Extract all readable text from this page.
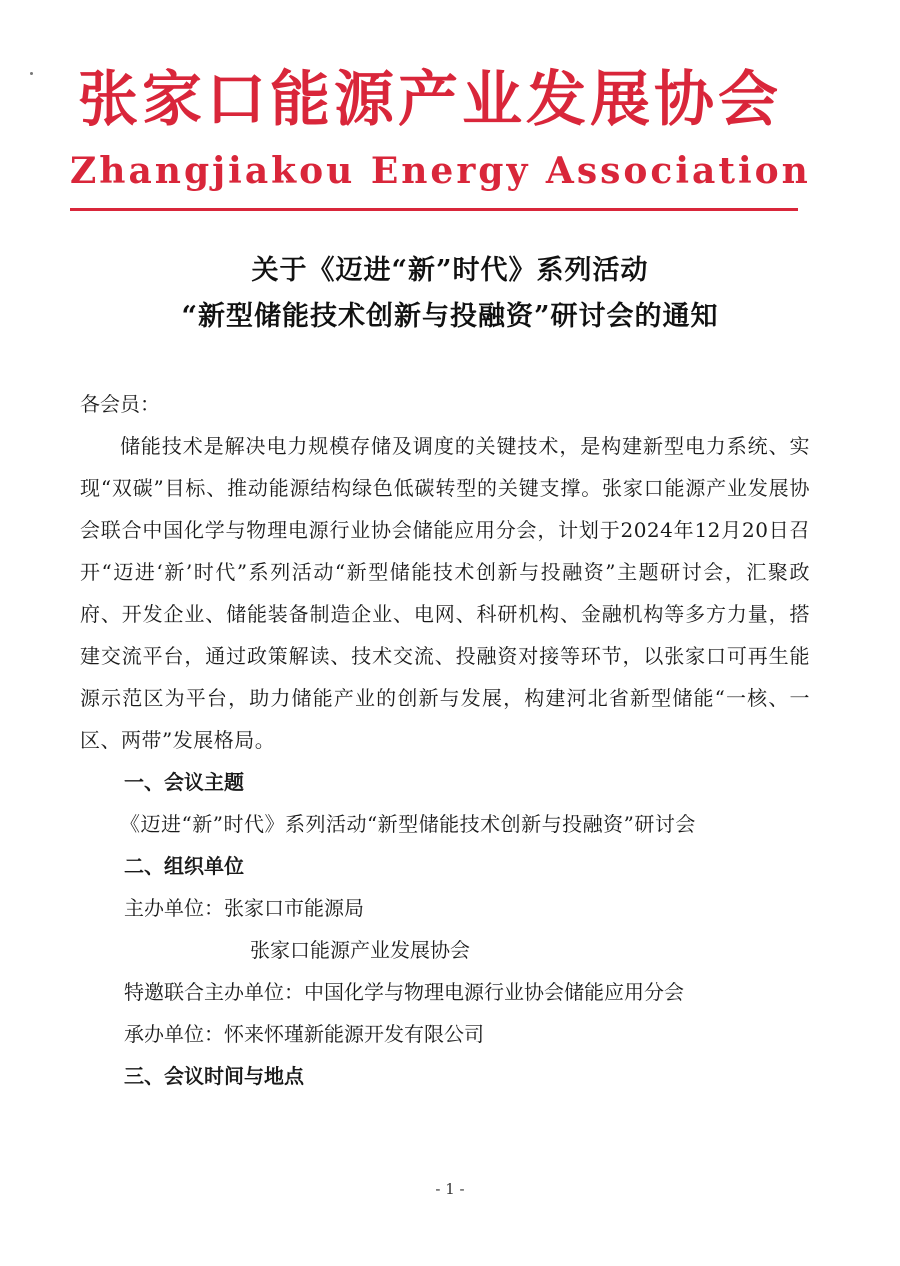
张家口能源产业发展协会
Zhangjiakou Energy Association
关于《迈进“新”时代》系列活动
“新型储能技术创新与投融资”研讨会的通知

各会员：

储能技术是解决电力规模存储及调度的关键技术，是构建新型电力系统、实现“双碳”目标、推动能源结构绿色低碳转型的关键支撑。张家口能源产业发展协会联合中国化学与物理电源行业协会储能应用分会，计划于2024年12月20日召开“迈进‘新’时代”系列活动“新型储能技术创新与投融资”主题研讨会，汇聚政府、开发企业、储能装备制造企业、电网、科研机构、金融机构等多方力量，搭建交流平台，通过政策解读、技术交流、投融资对接等环节，以张家口可再生能源示范区为平台，助力储能产业的创新与发展，构建河北省新型储能“一核、一区、两带”发展格局。

一、会议主题

《迈进“新”时代》系列活动“新型储能技术创新与投融资”研讨会

二、组织单位

主办单位：张家口市能源局

张家口能源产业发展协会

特邀联合主办单位：中国化学与物理电源行业协会储能应用分会

承办单位：怀来怀瑾新能源开发有限公司

三、会议时间与地点

- 1 -
